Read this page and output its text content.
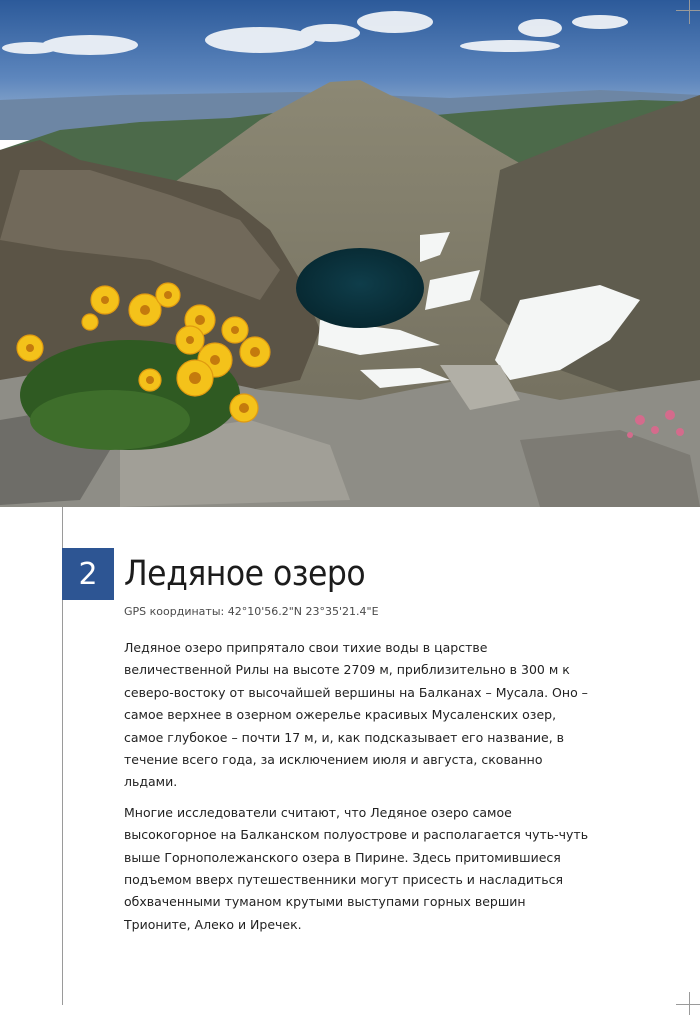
2 Ледяное озеро
GPS координаты: 42°10'56.2"N 23°35'21.4"E

Ледяное озеро припрятало свои тихие воды в царстве величественной Рилы на высоте 2709 м, приблизительно в 300 м к северо-востоку от высочайшей вершины на Балканах – Мусала. Оно – самое верхнее в озерном ожерелье красивых Мусаленских озер, самое глубокое – почти 17 м, и, как подсказывает его название, в течение всего года, за исключением июля и августа, скованно льдами.

Многие исследователи считают, что Ледяное озеро самое высокогорное на Балканском полуострове и располагается чуть-чуть выше Горнополежанского озера в Пирине. Здесь притомившиеся подъемом вверх путешественники могут присесть и насладиться обхваченными туманом крутыми выступами горных вершин Трионите, Алеко и Иречек.
